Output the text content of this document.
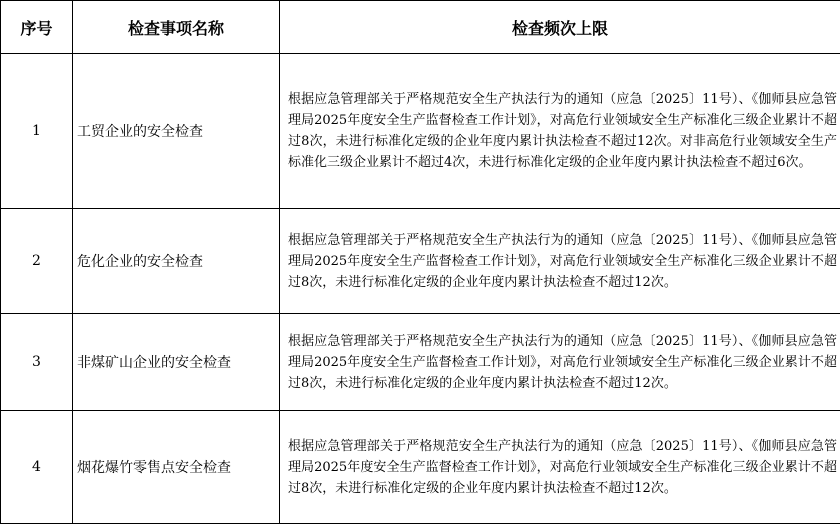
序号	检查事项名称	检查频次上限
1	工贸企业的安全检查	根据应急管理部关于严格规范安全生产执法行为的通知（应急〔2025〕11号）、《伽师县应急管理局2025年度安全生产监督检查工作计划》，对高危行业领域安全生产标准化三级企业累计不超过8次，未进行标准化定级的企业年度内累计执法检查不超过12次。对非高危行业领域安全生产标准化三级企业累计不超过4次，未进行标准化定级的企业年度内累计执法检查不超过6次。
2	危化企业的安全检查	根据应急管理部关于严格规范安全生产执法行为的通知（应急〔2025〕11号）、《伽师县应急管理局2025年度安全生产监督检查工作计划》，对高危行业领域安全生产标准化三级企业累计不超过8次，未进行标准化定级的企业年度内累计执法检查不超过12次。
3	非煤矿山企业的安全检查	根据应急管理部关于严格规范安全生产执法行为的通知（应急〔2025〕11号）、《伽师县应急管理局2025年度安全生产监督检查工作计划》，对高危行业领域安全生产标准化三级企业累计不超过8次，未进行标准化定级的企业年度内累计执法检查不超过12次。
4	烟花爆竹零售点安全检查	根据应急管理部关于严格规范安全生产执法行为的通知（应急〔2025〕11号）、《伽师县应急管理局2025年度安全生产监督检查工作计划》，对高危行业领域安全生产标准化三级企业累计不超过8次，未进行标准化定级的企业年度内累计执法检查不超过12次。
